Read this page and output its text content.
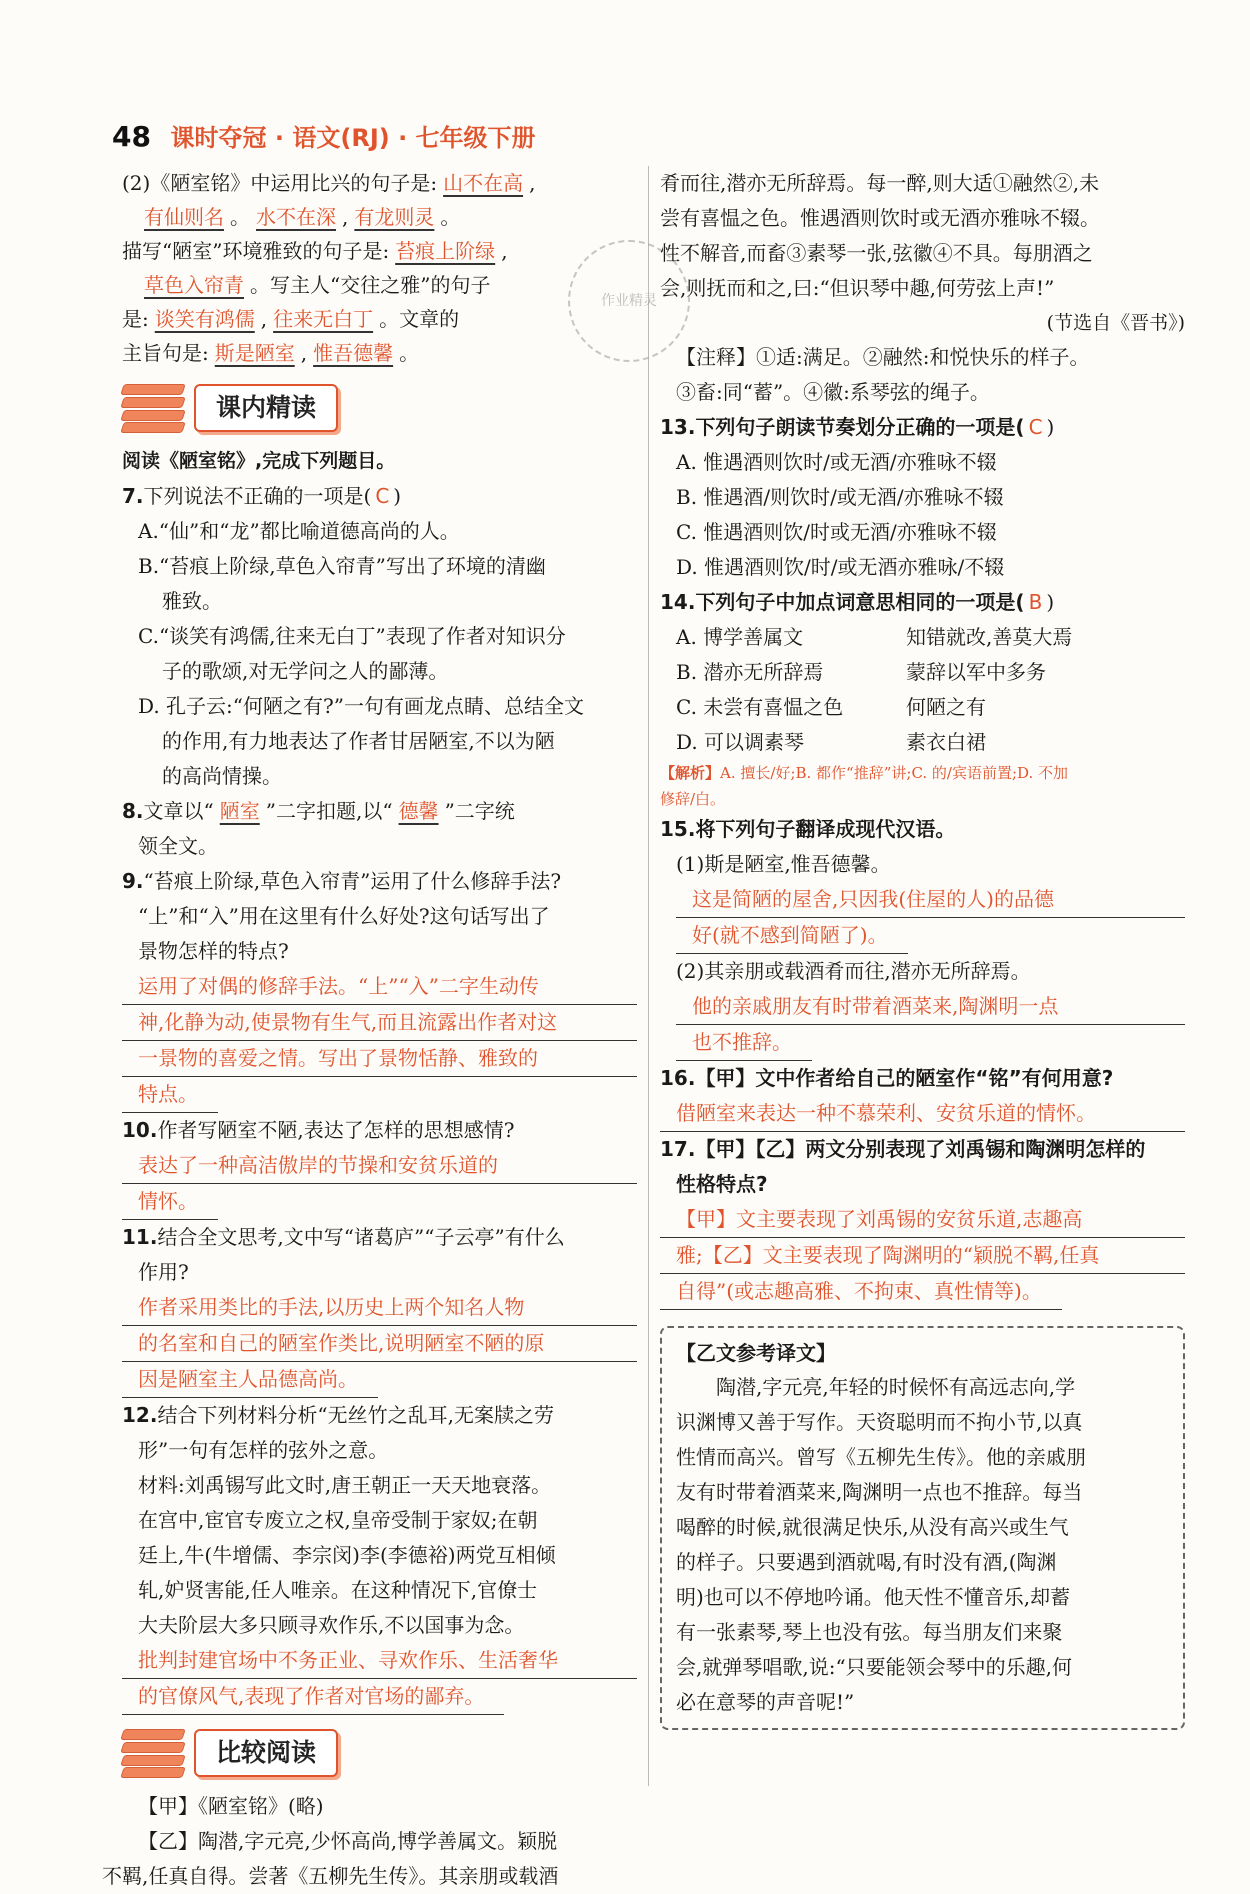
48 课时夺冠 · 语文(RJ) · 七年级下册
(2)《陋室铭》中运用比兴的句子是: 山不在高 ,
有仙则名 。 水不在深 , 有龙则灵 。
描写“陋室”环境雅致的句子是: 苔痕上阶绿 ,
草色入帘青 。写主人“交往之雅”的句子
是: 谈笑有鸿儒 , 往来无白丁 。文章的
主旨句是: 斯是陋室 , 惟吾德馨 。
课内精读
阅读《陋室铭》,完成下列题目。
7.下列说法不正确的一项是( C )
A.“仙”和“龙”都比喻道德高尚的人。
B.“苔痕上阶绿,草色入帘青”写出了环境的清幽
雅致。
C.“谈笑有鸿儒,往来无白丁”表现了作者对知识分
子的歌颂,对无学问之人的鄙薄。
D. 孔子云:“何陋之有?”一句有画龙点睛、总结全文
的作用,有力地表达了作者甘居陋室,不以为陋
的高尚情操。
8.文章以“ 陋室 ”二字扣题,以“ 德馨 ”二字统
领全文。
9.“苔痕上阶绿,草色入帘青”运用了什么修辞手法?
“上”和“入”用在这里有什么好处?这句话写出了
景物怎样的特点?
运用了对偶的修辞手法。“上”“入”二字生动传
神,化静为动,使景物有生气,而且流露出作者对这
一景物的喜爱之情。写出了景物恬静、雅致的
特点。
10.作者写陋室不陋,表达了怎样的思想感情?
表达了一种高洁傲岸的节操和安贫乐道的
情怀。
11.结合全文思考,文中写“诸葛庐”“子云亭”有什么
作用?
作者采用类比的手法,以历史上两个知名人物
的名室和自己的陋室作类比,说明陋室不陋的原
因是陋室主人品德高尚。
12.结合下列材料分析“无丝竹之乱耳,无案牍之劳
形”一句有怎样的弦外之意。
材料:刘禹锡写此文时,唐王朝正一天天地衰落。
在宫中,宦官专废立之权,皇帝受制于家奴;在朝
廷上,牛(牛增儒、李宗闵)李(李德裕)两党互相倾
轧,妒贤害能,任人唯亲。在这种情况下,官僚士
大夫阶层大多只顾寻欢作乐,不以国事为念。
批判封建官场中不务正业、寻欢作乐、生活奢华
的官僚风气,表现了作者对官场的鄙弃。
比较阅读
【甲】《陋室铭》(略)
【乙】陶潜,字元亮,少怀高尚,博学善属文。颖脱
不羁,任真自得。尝著《五柳先生传》。其亲朋或载酒
作业精灵
肴而往,潜亦无所辞焉。每一醉,则大适①融然②,未
尝有喜愠之色。惟遇酒则饮时或无酒亦雅咏不辍。
性不解音,而畜③素琴一张,弦徽④不具。每朋酒之
会,则抚而和之,曰:“但识琴中趣,何劳弦上声!”
(节选自《晋书》)
【注释】①适:满足。②融然:和悦快乐的样子。
③畜:同“蓄”。④徽:系琴弦的绳子。
13.下列句子朗读节奏划分正确的一项是( C )
A. 惟遇酒则饮时/或无酒/亦雅咏不辍
B. 惟遇酒/则饮时/或无酒/亦雅咏不辍
C. 惟遇酒则饮/时或无酒/亦雅咏不辍
D. 惟遇酒则饮/时/或无酒亦雅咏/不辍
14.下列句子中加点词意思相同的一项是( B )
A. 博学善属文	知错就改,善莫大焉
B. 潜亦无所辞焉	蒙辞以军中多务
C. 未尝有喜愠之色	何陋之有
D. 可以调素琴	素衣白裙
【解析】A. 擅长/好;B. 都作“推辞”讲;C. 的/宾语前置;D. 不加
修辞/白。
15.将下列句子翻译成现代汉语。
(1)斯是陋室,惟吾德馨。
这是简陋的屋舍,只因我(住屋的人)的品德
好(就不感到简陋了)。
(2)其亲朋或载酒肴而往,潜亦无所辞焉。
他的亲戚朋友有时带着酒菜来,陶渊明一点
也不推辞。
16.【甲】文中作者给自己的陋室作“铭”有何用意?
借陋室来表达一种不慕荣利、安贫乐道的情怀。
17.【甲】【乙】两文分别表现了刘禹锡和陶渊明怎样的
性格特点?
【甲】文主要表现了刘禹锡的安贫乐道,志趣高
雅;【乙】文主要表现了陶渊明的“颖脱不羁,任真
自得”(或志趣高雅、不拘束、真性情等)。
【乙文参考译文】
陶潜,字元亮,年轻的时候怀有高远志向,学
识渊博又善于写作。天资聪明而不拘小节,以真
性情而高兴。曾写《五柳先生传》。他的亲戚朋
友有时带着酒菜来,陶渊明一点也不推辞。每当
喝醉的时候,就很满足快乐,从没有高兴或生气
的样子。只要遇到酒就喝,有时没有酒,(陶渊
明)也可以不停地吟诵。他天性不懂音乐,却蓄
有一张素琴,琴上也没有弦。每当朋友们来聚
会,就弹琴唱歌,说:“只要能领会琴中的乐趣,何
必在意琴的声音呢!”
